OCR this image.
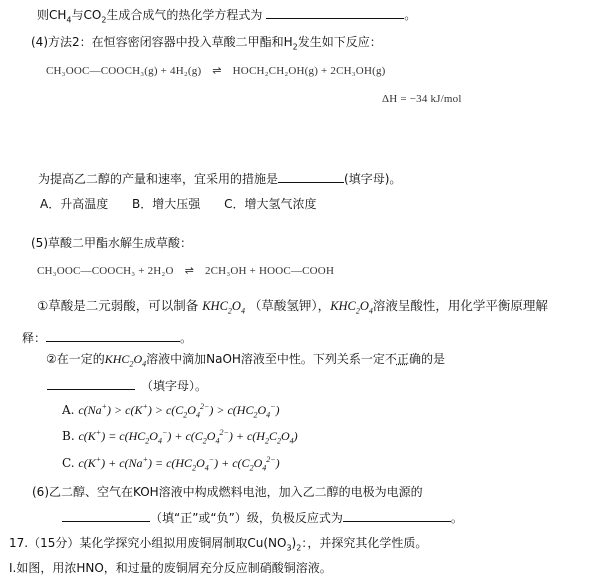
则$CH_4$与$CO_2$生成合成气的热化学方程式为	。
(4)方法2：在恒容密闭容器中投入草酸二甲酯和$H_2$发生如下反应：
CH₃OOC—COOCH₃(g) + 4H₂(g) ⇌ HOCH₂CH₂OH(g) + 2CH₃OH(g)
ΔH = −34 kJ/mol
为提高乙二醇的产量和速率，宜采用的措施是	(填字母)。
A．升高温度 B．增大压强 C．增大氢气浓度
(5)草酸二甲酯水解生成草酸：
CH₃OOC—COOCH₃ + 2H₂O ⇌ 2CH₃OH + HOOC—COOH
①草酸是二元弱酸，可以制备 $KHC_2O_4$ （草酸氢钾），$KHC_2O_4$溶液呈酸性，用化学平衡原理解
释：	。
②在一定的$KHC_2O_4$溶液中滴加NaOH溶液至中性。下列关系一定不正确的是
（填字母）。
A. $c(Na^+) > c(K^+) > c(C_2O_4^{2-}) > c(HC_2O_4^-)$
B. $c(K^+) = c(HC_2O_4^-) + c(C_2O_4^{2-}) + c(H_2C_2O_4)$
C. $c(K^+) + c(Na^+) = c(HC_2O_4^-) + c(C_2O_4^{2-})$
(6)乙二醇、空气在KOH溶液中构成燃料电池，加入乙二醇的电极为电源的
（填“正”或“负”）级，负极反应式为	。
17.（15分）某化学探究小组拟用废铜屑制取$Cu(NO_3)_2$：，并探究其化学性质。
I.如图，用浓HNO，和过量的废铜屑充分反应制硝酸铜溶液。
